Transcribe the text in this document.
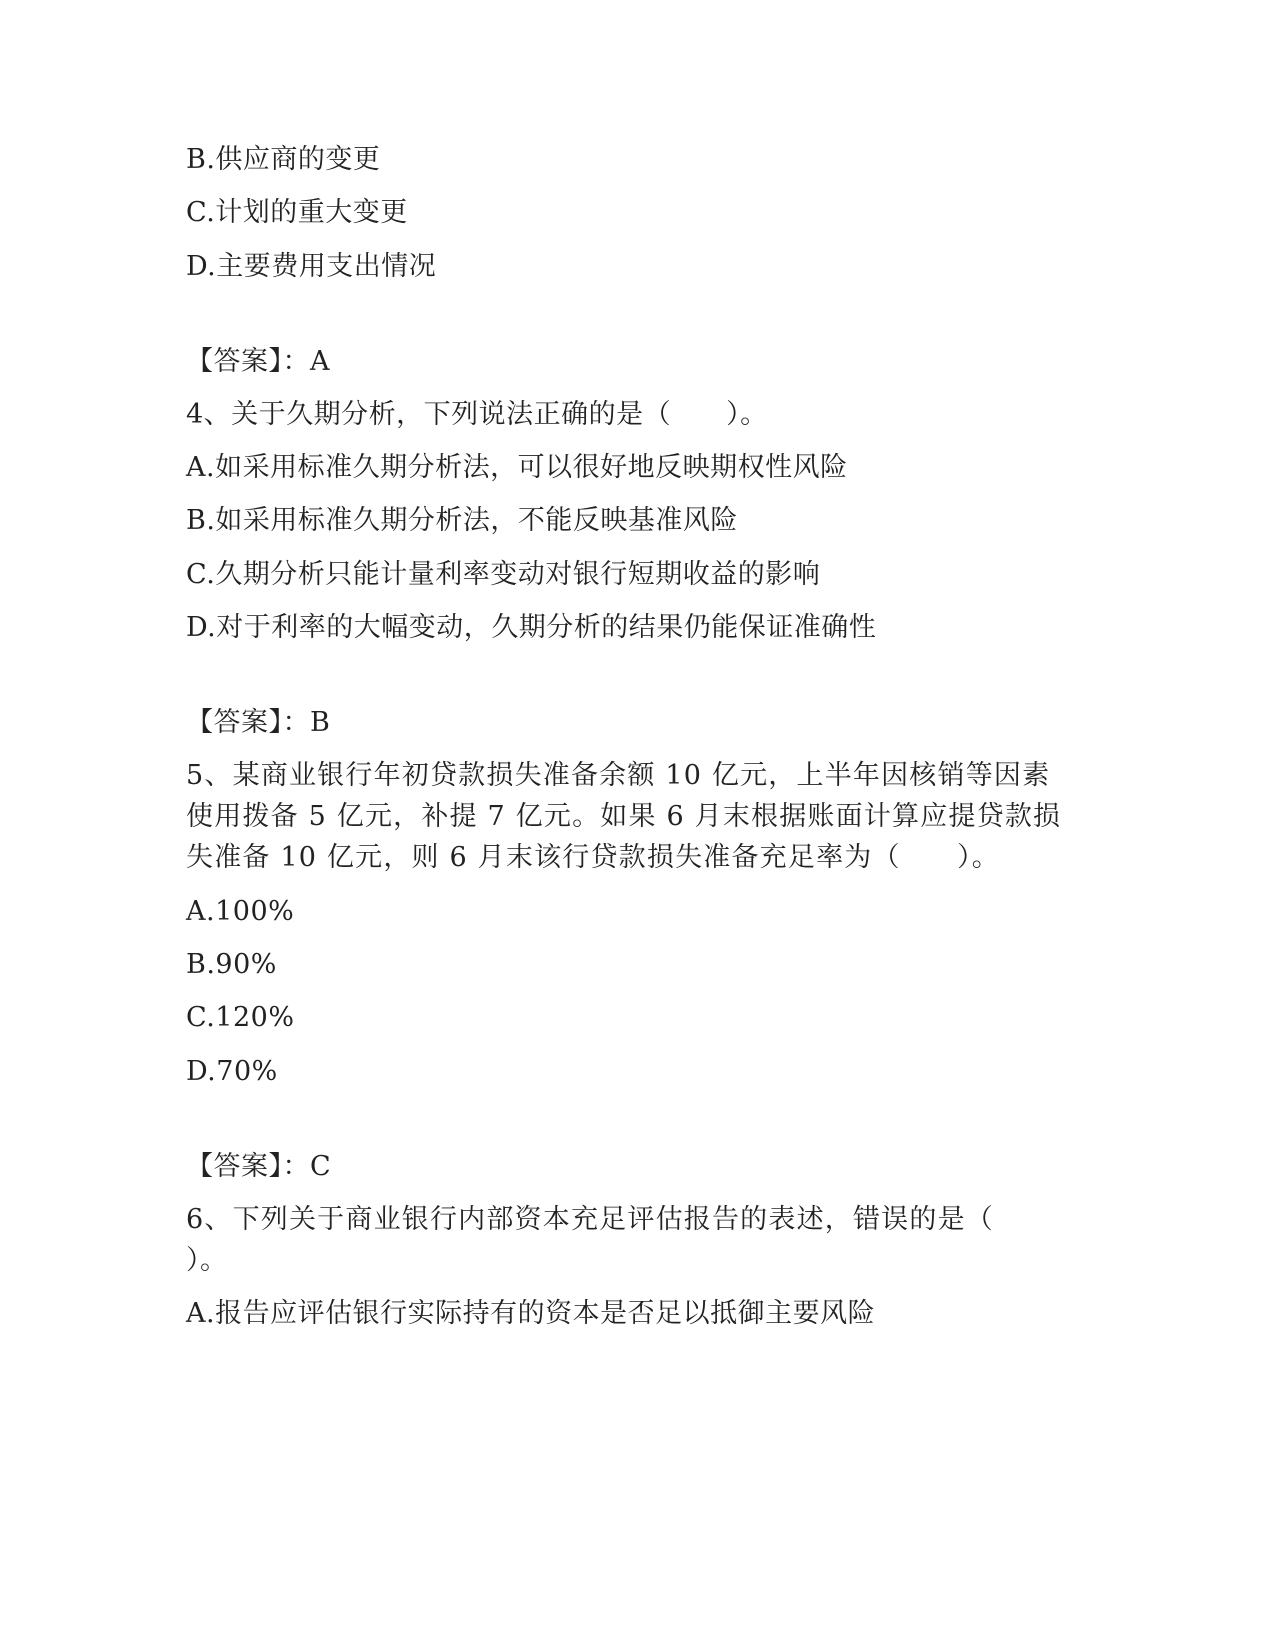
B.供应商的变更
C.计划的重大变更
D.主要费用支出情况
【答案】：A
4、关于久期分析，下列说法正确的是（　　）。
A.如采用标准久期分析法，可以很好地反映期权性风险
B.如采用标准久期分析法，不能反映基准风险
C.久期分析只能计量利率变动对银行短期收益的影响
D.对于利率的大幅变动，久期分析的结果仍能保证准确性
【答案】：B
5、某商业银行年初贷款损失准备余额 10 亿元，上半年因核销等因素
使用拨备 5 亿元，补提 7 亿元。如果 6 月末根据账面计算应提贷款损
失准备 10 亿元，则 6 月末该行贷款损失准备充足率为（　　）。
A.100%
B.90%
C.120%
D.70%
【答案】：C
6、下列关于商业银行内部资本充足评估报告的表述，错误的是（
）。
A.报告应评估银行实际持有的资本是否足以抵御主要风险
